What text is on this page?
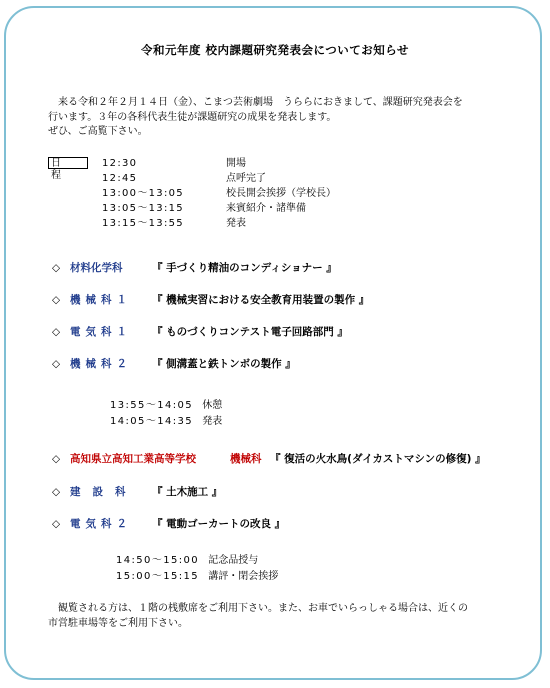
令和元年度 校内課題研究発表会についてお知らせ
　来る令和２年２月１４日（金）、こまつ芸術劇場　うららにおきまして、課題研究発表会を
行います。３年の各科代表生徒が課題研究の成果を発表します。
ぜひ、ご高覧下さい。
日程
12:30	開場
12:45	点呼完了
13:00〜13:05	校長開会挨拶（学校長）
13:05〜13:15	来賓紹介・諸準備
13:15〜13:55	発表
◇ 材料化学科	『 手づくり精油のコンディショナー 』
◇ 機械科１ 『 機械実習における安全教育用装置の製作 』
◇ 電気科１ 『 ものづくりコンテスト電子回路部門 』
◇ 機械科２ 『 側溝蓋と鉄トンボの製作 』
13:55〜14:05 休憩
14:05〜14:35 発表
◇ 高知県立高知工業高等学校	機械科 『 復活の火水鳥(ダイカストマシンの修復) 』
◇ 建設科 『 土木施工 』
◇ 電気科２ 『 電動ゴーカートの改良 』
14:50〜15:00 記念品授与
15:00〜15:15 講評・閉会挨拶
　観覧される方は、１階の桟敷席をご利用下さい。また、お車でいらっしゃる場合は、近くの
市営駐車場等をご利用下さい。
